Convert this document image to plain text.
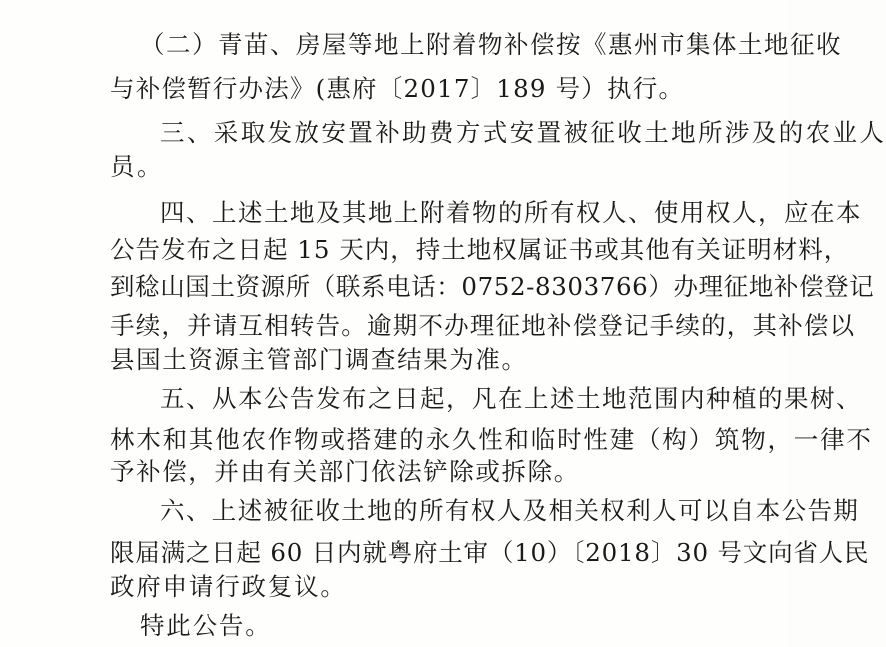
（二）青苗、房屋等地上附着物补偿按《惠州市集体土地征收
与补偿暂行办法》(惠府〔2017〕189 号）执行。
三、采取发放安置补助费方式安置被征收土地所涉及的农业人
员。
四、上述土地及其地上附着物的所有权人、使用权人，应在本
公告发布之日起 15 天内，持土地权属证书或其他有关证明材料，
到稔山国土资源所（联系电话：0752-8303766）办理征地补偿登记
手续，并请互相转告。逾期不办理征地补偿登记手续的，其补偿以
县国土资源主管部门调查结果为准。
五、从本公告发布之日起，凡在上述土地范围内种植的果树、
林木和其他农作物或搭建的永久性和临时性建（构）筑物，一律不
予补偿，并由有关部门依法铲除或拆除。
六、上述被征收土地的所有权人及相关权利人可以自本公告期
限届满之日起 60 日内就粤府土审（10）〔2018〕30 号文向省人民
政府申请行政复议。
特此公告。
